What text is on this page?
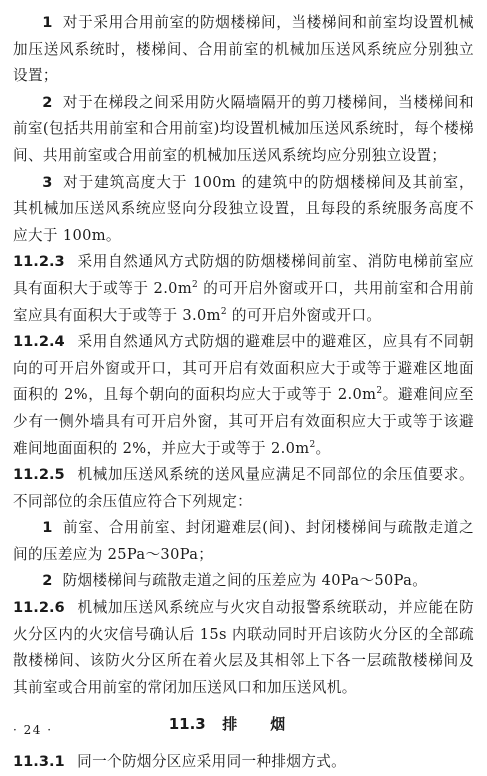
1 对于采用合用前室的防烟楼梯间，当楼梯间和前室均设置机械加压送风系统时，楼梯间、合用前室的机械加压送风系统应分别独立设置；

2 对于在梯段之间采用防火隔墙隔开的剪刀楼梯间，当楼梯间和前室(包括共用前室和合用前室)均设置机械加压送风系统时，每个楼梯间、共用前室或合用前室的机械加压送风系统均应分别独立设置；

3 对于建筑高度大于 100m 的建筑中的防烟楼梯间及其前室，其机械加压送风系统应竖向分段独立设置，且每段的系统服务高度不应大于 100m。

11.2.3 采用自然通风方式防烟的防烟楼梯间前室、消防电梯前室应具有面积大于或等于 $2.0m^2$ 的可开启外窗或开口，共用前室和合用前室应具有面积大于或等于 $3.0m^2$ 的可开启外窗或开口。

11.2.4 采用自然通风方式防烟的避难层中的避难区，应具有不同朝向的可开启外窗或开口，其可开启有效面积应大于或等于避难区地面面积的 2%，且每个朝向的面积均应大于或等于 $2.0m^2$。避难间应至少有一侧外墙具有可开启外窗，其可开启有效面积应大于或等于该避难间地面面积的 2%，并应大于或等于 $2.0m^2$。

11.2.5 机械加压送风系统的送风量应满足不同部位的余压值要求。不同部位的余压值应符合下列规定：

1 前室、合用前室、封闭避难层(间)、封闭楼梯间与疏散走道之间的压差应为 25Pa～30Pa；

2 防烟楼梯间与疏散走道之间的压差应为 40Pa～50Pa。

11.2.6 机械加压送风系统应与火灾自动报警系统联动，并应能在防火分区内的火灾信号确认后 15s 内联动同时开启该防火分区的全部疏散楼梯间、该防火分区所在着火层及其相邻上下各一层疏散楼梯间及其前室或合用前室的常闭加压送风口和加压送风机。

11.3 排烟

11.3.1 同一个防烟分区应采用同一种排烟方式。

· 24 ·
